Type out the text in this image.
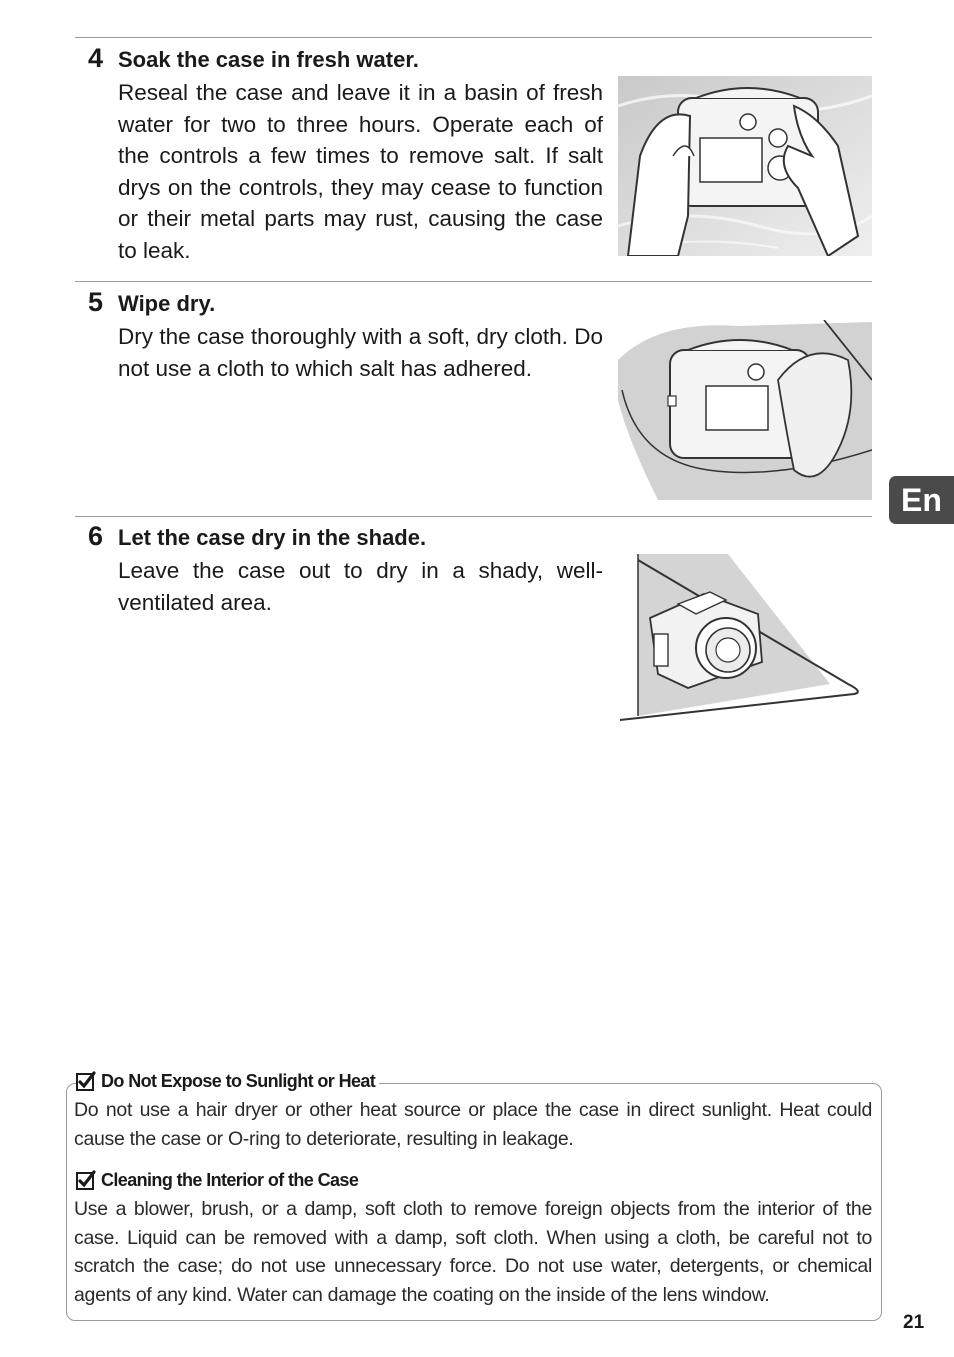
4 Soak the case in fresh water.
Reseal the case and leave it in a basin of fresh water for two to three hours. Operate each of the controls a few times to remove salt. If salt drys on the controls, they may cease to function or their metal parts may rust, causing the case to leak.
5 Wipe dry.
Dry the case thoroughly with a soft, dry cloth. Do not use a cloth to which salt has adhered.
6 Let the case dry in the shade.
Leave the case out to dry in a shady, well-ventilated area.
En
Do Not Expose to Sunlight or Heat
Do not use a hair dryer or other heat source or place the case in direct sunlight. Heat could cause the case or O-ring to deteriorate, resulting in leakage.
Cleaning the Interior of the Case
Use a blower, brush, or a damp, soft cloth to remove foreign objects from the interior of the case. Liquid can be removed with a damp, soft cloth. When using a cloth, be careful not to scratch the case; do not use unnecessary force. Do not use water, detergents, or chemical agents of any kind. Water can damage the coating on the inside of the lens window.
21
